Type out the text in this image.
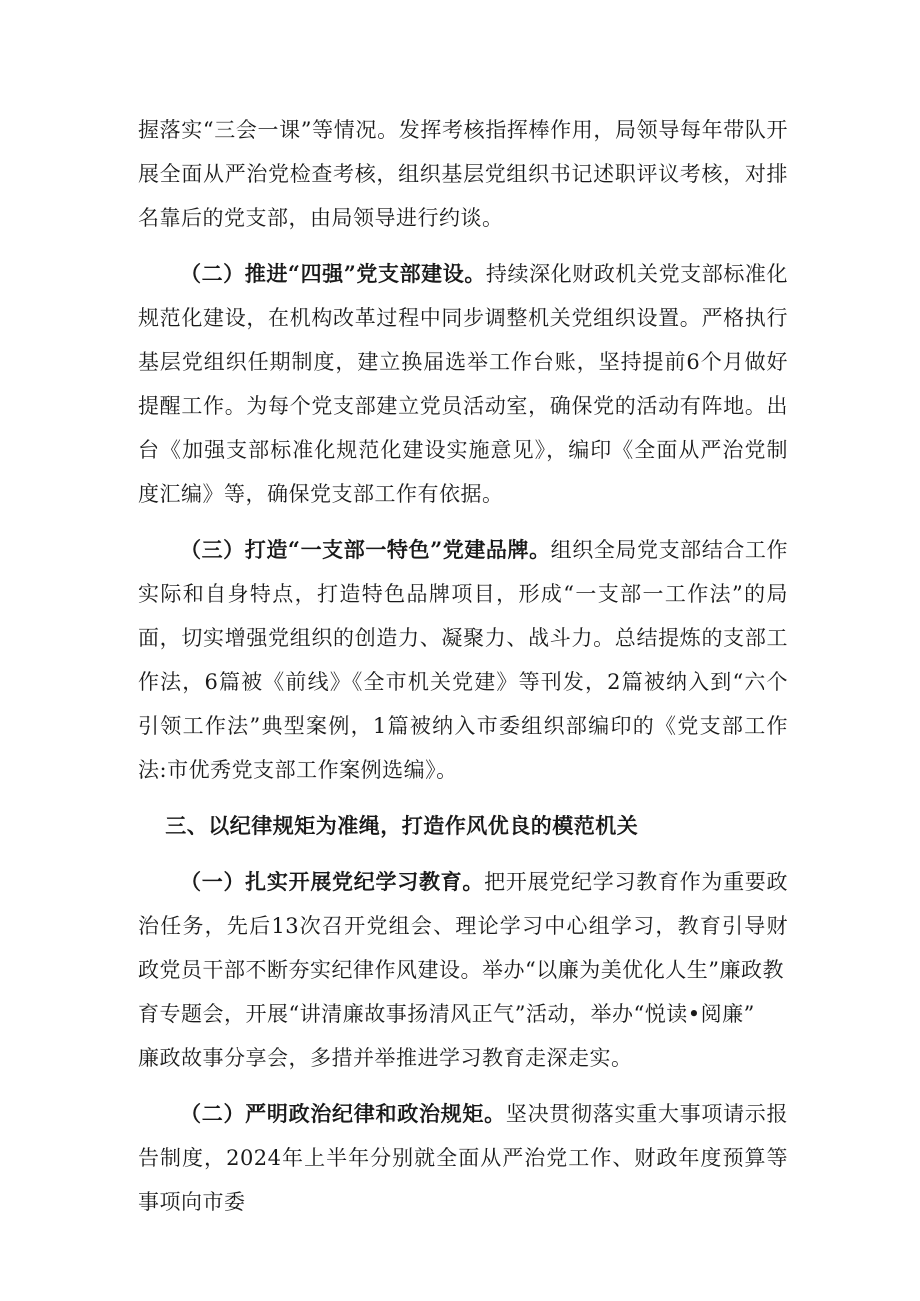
握落实“三会一课”等情况。发挥考核指挥棒作用，局领导每年带队开展全面从严治党检查考核，组织基层党组织书记述职评议考核，对排名靠后的党支部，由局领导进行约谈。

（二）推进“四强”党支部建设。持续深化财政机关党支部标准化规范化建设，在机构改革过程中同步调整机关党组织设置。严格执行基层党组织任期制度，建立换届选举工作台账，坚持提前6个月做好提醒工作。为每个党支部建立党员活动室，确保党的活动有阵地。出台《加强支部标准化规范化建设实施意见》，编印《全面从严治党制度汇编》等，确保党支部工作有依据。

（三）打造“一支部一特色”党建品牌。组织全局党支部结合工作实际和自身特点，打造特色品牌项目，形成“一支部一工作法”的局面，切实增强党组织的创造力、凝聚力、战斗力。总结提炼的支部工作法，6篇被《前线》《全市机关党建》等刊发，2篇被纳入到“六个引领工作法”典型案例，1篇被纳入市委组织部编印的《党支部工作法:市优秀党支部工作案例选编》。

三、以纪律规矩为准绳，打造作风优良的模范机关

（一）扎实开展党纪学习教育。把开展党纪学习教育作为重要政治任务，先后13次召开党组会、理论学习中心组学习，教育引导财政党员干部不断夯实纪律作风建设。举办“以廉为美优化人生”廉政教

育专题会，开展“讲清廉故事扬清风正气”活动，举办“悦读•阅廉”
廉政故事分享会，多措并举推进学习教育走深走实。

（二）严明政治纪律和政治规矩。坚决贯彻落实重大事项请示报告制度，2024年上半年分别就全面从严治党工作、财政年度预算等事项向市委
